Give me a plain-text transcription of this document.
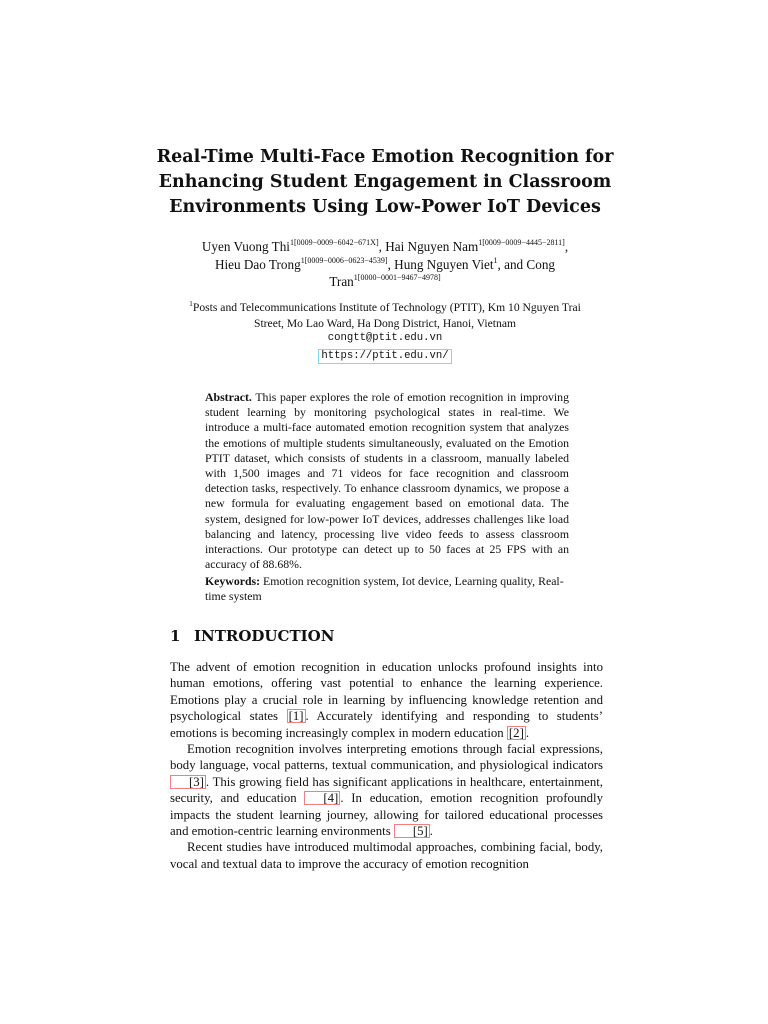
Real-Time Multi-Face Emotion Recognition for
Enhancing Student Engagement in Classroom
Environments Using Low-Power IoT Devices
Uyen Vuong Thi$^{1[0009-0009-6042-671X]}$, Hai Nguyen Nam$^{1[0009-0009-4445-2811]}$,
Hieu Dao Trong$^{1[0009-0006-0623-4539]}$, Hung Nguyen Viet$^1$, and Cong
Tran$^{1[0000-0001-9467-4978]}$
$^1$Posts and Telecommunications Institute of Technology (PTIT), Km 10 Nguyen Trai
Street, Mo Lao Ward, Ha Dong District, Hanoi, Vietnam
congtt@ptit.edu.vn
https://ptit.edu.vn/
Abstract. This paper explores the role of emotion recognition in improving student learning by monitoring psychological states in real-time. We introduce a multi-face automated emotion recognition system that analyzes the emotions of multiple students simultaneously, evaluated on the Emotion PTIT dataset, which consists of students in a classroom, manually labeled with 1,500 images and 71 videos for face recognition and classroom detection tasks, respectively. To enhance classroom dynamics, we propose a new formula for evaluating engagement based on emotional data. The system, designed for low-power IoT devices, addresses challenges like load balancing and latency, processing live video feeds to assess classroom interactions. Our prototype can detect up to 50 faces at 25 FPS with an accuracy of 88.68%.
Keywords: Emotion recognition system, Iot device, Learning quality, Real-time system
1 INTRODUCTION

The advent of emotion recognition in education unlocks profound insights into human emotions, offering vast potential to enhance the learning experience. Emotions play a crucial role in learning by influencing knowledge retention and psychological states [1] . Accurately identifying and responding to students’ emotions is becoming increasingly complex in modern education [2] .

Emotion recognition involves interpreting emotions through facial expressions, body language, vocal patterns, textual communication, and physiological indicators [3] . This growing field has significant applications in healthcare, entertainment, security, and education [4] . In education, emotion recognition profoundly impacts the student learning journey, allowing for tailored educational processes and emotion-centric learning environments [5] .

Recent studies have introduced multimodal approaches, combining facial, body, vocal and textual data to improve the accuracy of emotion recognition
